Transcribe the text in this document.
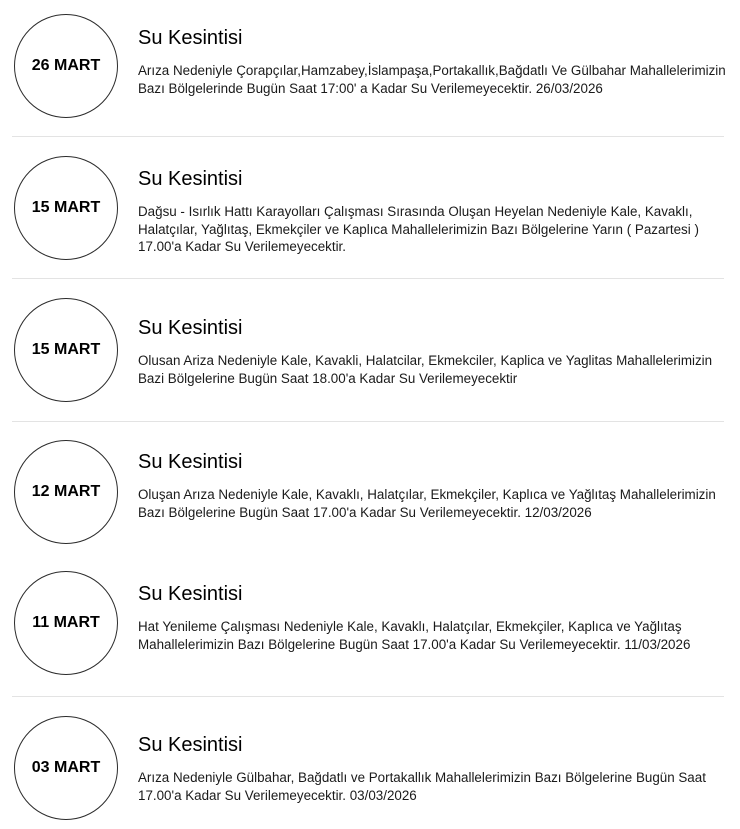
26 MART
Su Kesintisi

Arıza Nedeniyle Çorapçılar,Hamzabey,İslampaşa,Portakallık,Bağdatlı Ve Gülbahar Mahallelerimizin Bazı Bölgelerinde Bugün Saat 17:00' a Kadar Su Verilemeyecektir. 26/03/2026

15 MART
Su Kesintisi

Dağsu - Isırlık Hattı Karayolları Çalışması Sırasında Oluşan Heyelan Nedeniyle Kale, Kavaklı, Halatçılar, Yağlıtaş, Ekmekçiler ve Kaplıca Mahallelerimizin Bazı Bölgelerine Yarın ( Pazartesi ) 17.00'a Kadar Su Verilemeyecektir.

15 MART
Su Kesintisi

Olusan Ariza Nedeniyle Kale, Kavakli, Halatcilar, Ekmekciler, Kaplica ve Yaglitas Mahallelerimizin Bazi Bölgelerine Bugün Saat 18.00'a Kadar Su Verilemeyecektir

12 MART
Su Kesintisi

Oluşan Arıza Nedeniyle Kale, Kavaklı, Halatçılar, Ekmekçiler, Kaplıca ve Yağlıtaş Mahallelerimizin Bazı Bölgelerine Bugün Saat 17.00'a Kadar Su Verilemeyecektir. 12/03/2026

11 MART
Su Kesintisi

Hat Yenileme Çalışması Nedeniyle Kale, Kavaklı, Halatçılar, Ekmekçiler, Kaplıca ve Yağlıtaş Mahallelerimizin Bazı Bölgelerine Bugün Saat 17.00'a Kadar Su Verilemeyecektir. 11/03/2026

03 MART
Su Kesintisi

Arıza Nedeniyle Gülbahar, Bağdatlı ve Portakallık Mahallelerimizin Bazı Bölgelerine Bugün Saat 17.00'a Kadar Su Verilemeyecektir. 03/03/2026
